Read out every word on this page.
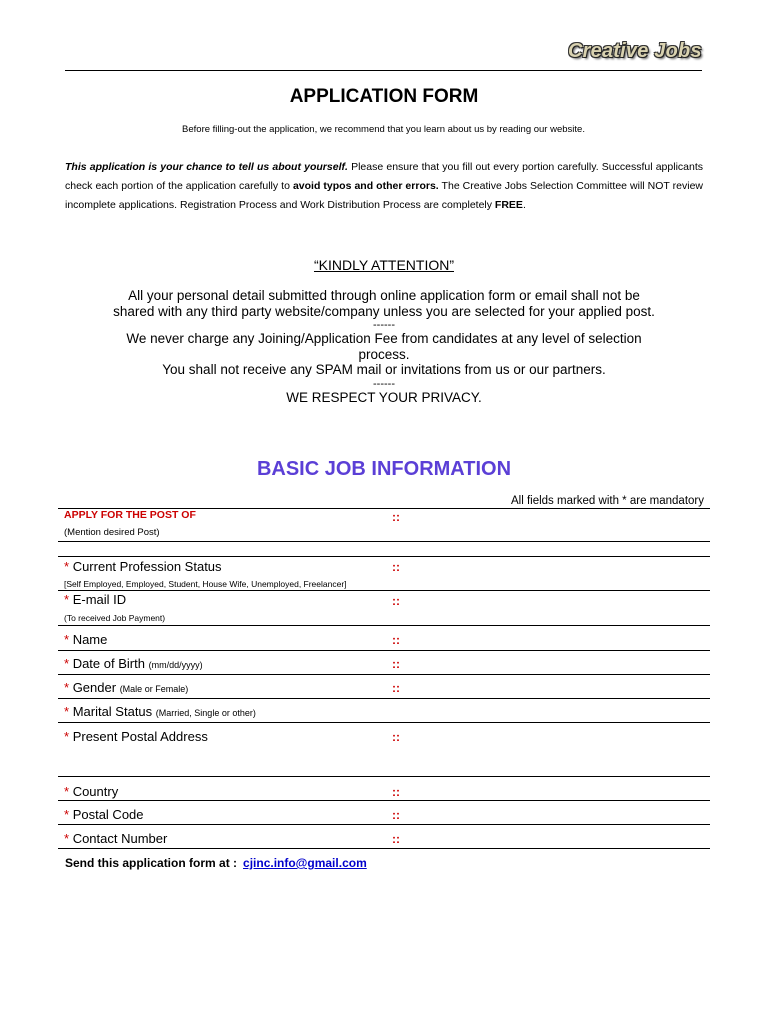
Creative Jobs
APPLICATION FORM
Before filling-out the application, we recommend that you learn about us by reading our website.
This application is your chance to tell us about yourself. Please ensure that you fill out every portion carefully. Successful applicants check each portion of the application carefully to avoid typos and other errors. The Creative Jobs Selection Committee will NOT review incomplete applications. Registration Process and Work Distribution Process are completely FREE.
“KINDLY ATTENTION”
All your personal detail submitted through online application form or email shall not be shared with any third party website/company unless you are selected for your applied post.
------
We never charge any Joining/Application Fee from candidates at any level of selection process.
You shall not receive any SPAM mail or invitations from us or our partners.
------
WE RESPECT YOUR PRIVACY.
BASIC JOB INFORMATION
All fields marked with * are mandatory
APPLY FOR THE POST OF
(Mention desired Post)
::
* Current Profession Status
[Self Employed, Employed, Student, House Wife, Unemployed, Freelancer]
::
* E-mail ID
(To received Job Payment)
::
* Name	::
* Date of Birth (mm/dd/yyyy)	::
* Gender (Male or Female)	::
* Marital Status (Married, Single or other)
* Present Postal Address	::
* Country	::
* Postal Code	::
* Contact Number	::
Send this application form at : cjinc.info@gmail.com
